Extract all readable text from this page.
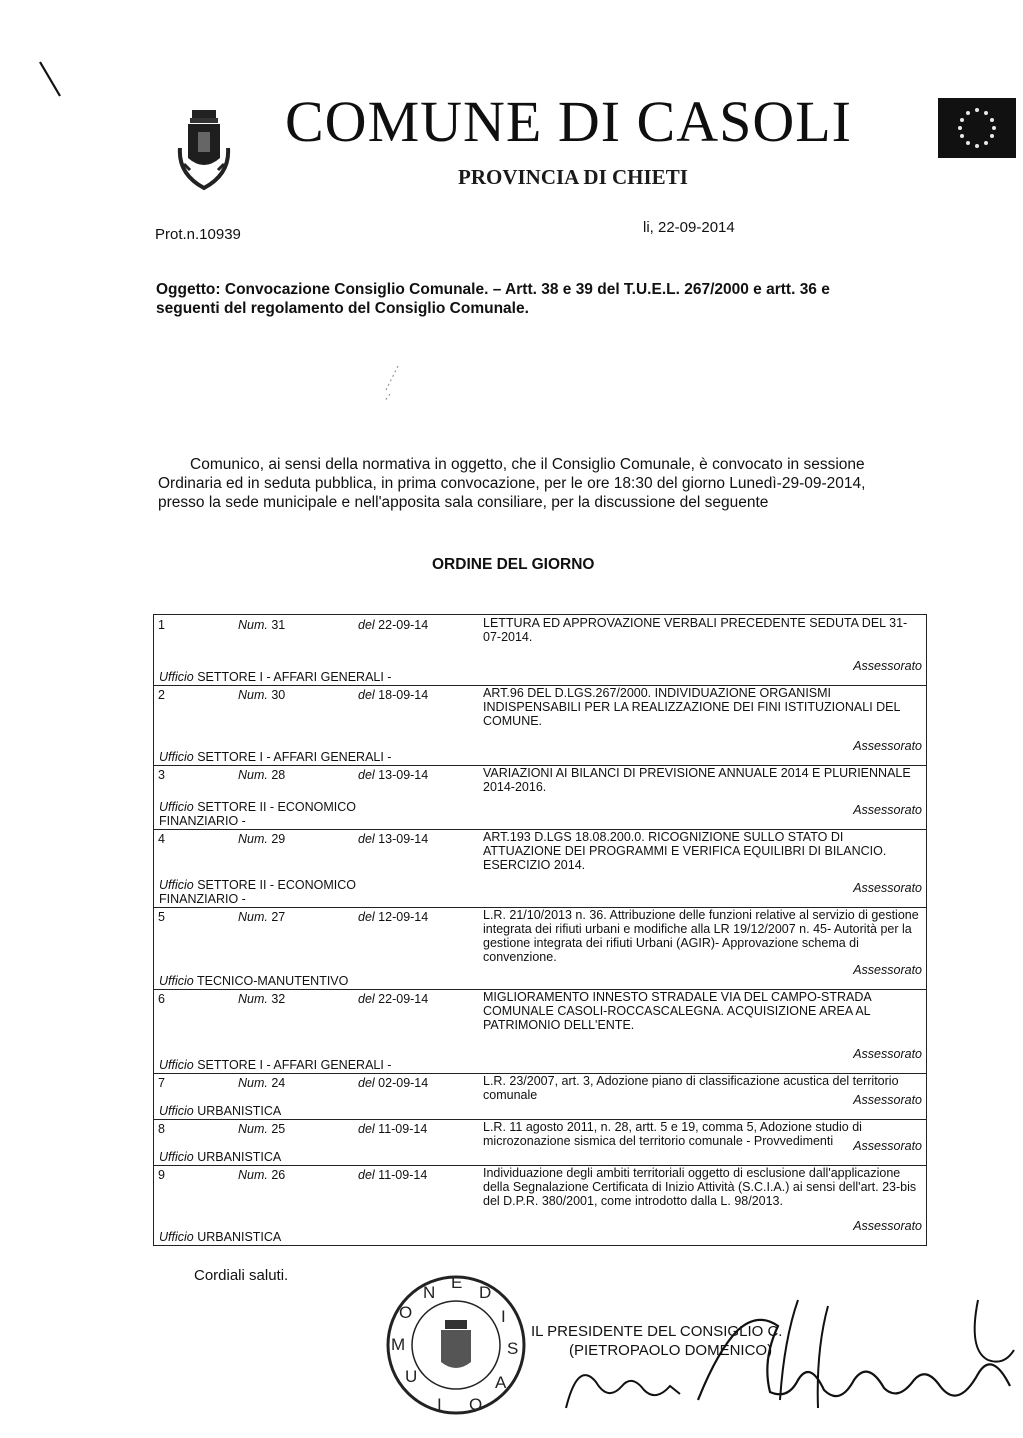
COMUNE DI CASOLI
PROVINCIA DI CHIETI
Prot.n.10939	li, 22-09-2014
Oggetto: Convocazione Consiglio Comunale. – Artt. 38 e 39 del T.U.E.L. 267/2000 e artt. 36 e seguenti del regolamento del Consiglio Comunale.
Comunico, ai sensi della normativa in oggetto, che il Consiglio Comunale, è convocato in sessione Ordinaria ed in seduta pubblica, in prima convocazione, per le ore 18:30 del giorno Lunedì-29-09-2014, presso la sede municipale e nell'apposita sala consiliare, per la discussione del seguente
ORDINE DEL GIORNO
1	Num. 31	del 22-09-14	LETTURA ED APPROVAZIONE VERBALI PRECEDENTE SEDUTA DEL 31-07-2014.
Ufficio SETTORE I - AFFARI GENERALI -
Assessorato
2	Num. 30	del 18-09-14	ART.96 DEL D.LGS.267/2000. INDIVIDUAZIONE ORGANISMI INDISPENSABILI PER LA REALIZZAZIONE DEI FINI ISTITUZIONALI DEL COMUNE.
Ufficio SETTORE I - AFFARI GENERALI -
Assessorato
3	Num. 28	del 13-09-14	VARIAZIONI AI BILANCI DI PREVISIONE ANNUALE 2014 E PLURIENNALE 2014-2016.
Ufficio SETTORE II - ECONOMICO FINANZIARIO -
Assessorato
4	Num. 29	del 13-09-14	ART.193 D.LGS 18.08.200.0. RICOGNIZIONE SULLO STATO DI ATTUAZIONE DEI PROGRAMMI E VERIFICA EQUILIBRI DI BILANCIO. ESERCIZIO 2014.
Ufficio SETTORE II - ECONOMICO FINANZIARIO -
Assessorato
5	Num. 27	del 12-09-14	L.R. 21/10/2013 n. 36. Attribuzione delle funzioni relative al servizio di gestione integrata dei rifiuti urbani e modifiche alla LR 19/12/2007 n. 45- Autorità per la gestione integrata dei rifiuti Urbani (AGIR)- Approvazione schema di convenzione.
Ufficio TECNICO-MANUTENTIVO
Assessorato
6	Num. 32	del 22-09-14	MIGLIORAMENTO INNESTO STRADALE VIA DEL CAMPO-STRADA COMUNALE CASOLI-ROCCASCALEGNA. ACQUISIZIONE AREA AL PATRIMONIO DELL'ENTE.
Ufficio SETTORE I - AFFARI GENERALI -
Assessorato
7	Num. 24	del 02-09-14	L.R. 23/2007, art. 3, Adozione piano di classificazione acustica del territorio comunale
Ufficio URBANISTICA
Assessorato
8	Num. 25	del 11-09-14	L.R. 11 agosto 2011, n. 28, artt. 5 e 19, comma 5, Adozione studio di microzonazione sismica del territorio comunale - Provvedimenti
Ufficio URBANISTICA
Assessorato
9	Num. 26	del 11-09-14	Individuazione degli ambiti territoriali oggetto di esclusione dall'applicazione della Segnalazione Certificata di Inizio Attività (S.C.I.A.) ai sensi dell'art. 23-bis del D.P.R. 380/2001, come introdotto dalla L. 98/2013.
Ufficio URBANISTICA
Assessorato
Cordiali saluti.
N
E
D
I
S
A
O
I
U
M
O
IL PRESIDENTE DEL CONSIGLIO C.
(PIETROPAOLO DOMENICO)
